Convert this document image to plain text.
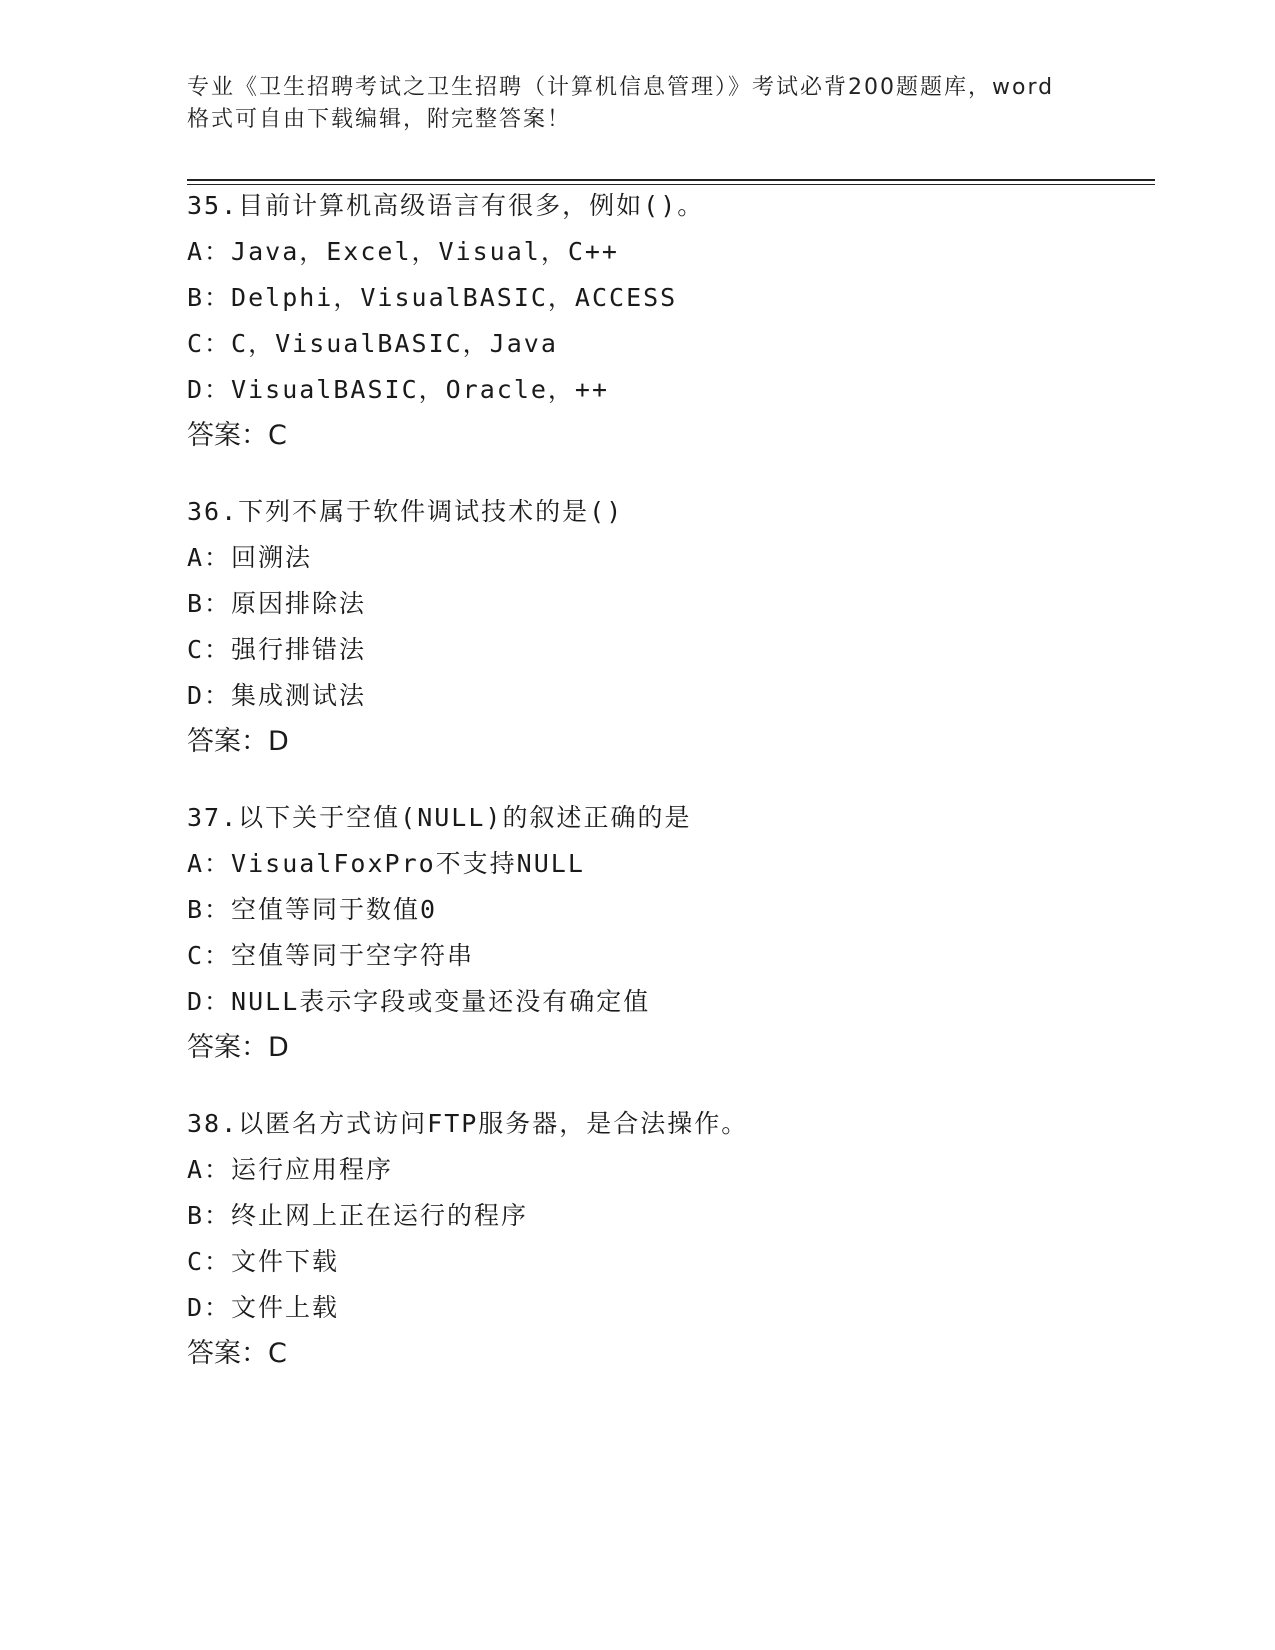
专业《卫生招聘考试之卫生招聘（计算机信息管理）》考试必背200题题库，word
格式可自由下载编辑，附完整答案！
35.目前计算机高级语言有很多，例如()。
A：Java，Excel，Visual，C++
B：Delphi，VisualBASIC，ACCESS
C：C，VisualBASIC，Java
D：VisualBASIC，Oracle，++
答案：C
36.下列不属于软件调试技术的是()
A：回溯法
B：原因排除法
C：强行排错法
D：集成测试法
答案：D
37.以下关于空值(NULL)的叙述正确的是
A：VisualFoxPro不支持NULL
B：空值等同于数值0
C：空值等同于空字符串
D：NULL表示字段或变量还没有确定值
答案：D
38.以匿名方式访问FTP服务器，是合法操作。
A：运行应用程序
B：终止网上正在运行的程序
C：文件下载
D：文件上载
答案：C
